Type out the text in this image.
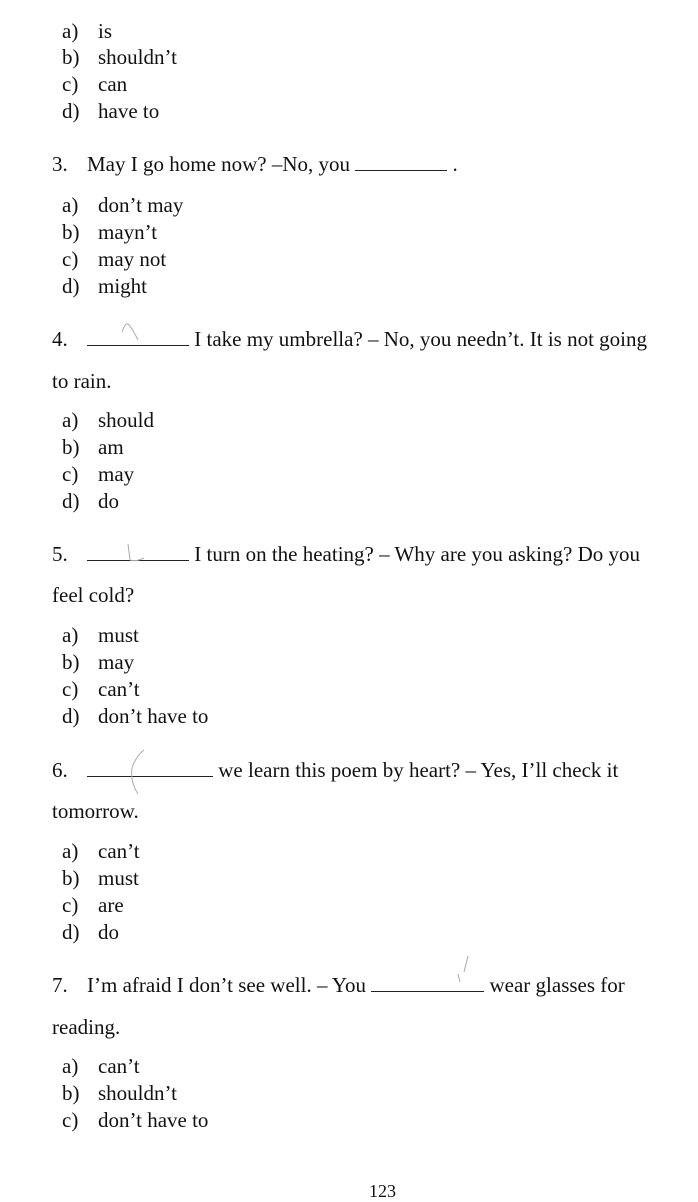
a) is
b) shouldn’t
c) can
d) have to
3. May I go home now? –No, you	.
a) don’t may
b) mayn’t
c) may not
d) might
4.	I take my umbrella? – No, you needn’t. It is not going
to rain.
a) should
b) am
c) may
d) do
5.	I turn on the heating? – Why are you asking? Do you
feel cold?
a) must
b) may
c) can’t
d) don’t have to
6.	we learn this poem by heart? – Yes, I’ll check it
tomorrow.
a) can’t
b) must
c) are
d) do
7. I’m afraid I don’t see well. – You	wear glasses for
reading.
a) can’t
b) shouldn’t
c) don’t have to
123
